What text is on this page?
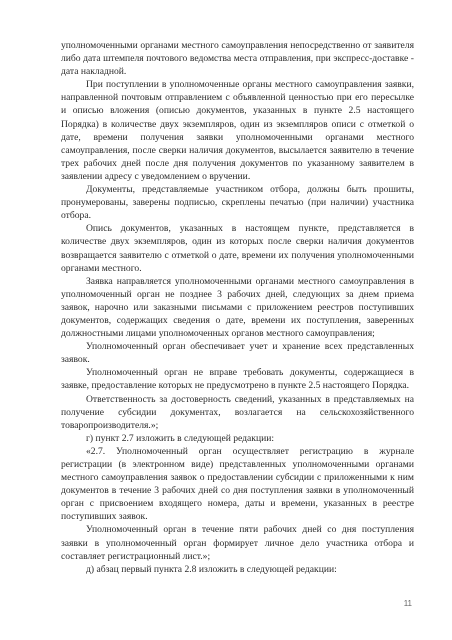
уполномоченными органами местного самоуправления непосредственно от заявителя либо дата штемпеля почтового ведомства места отправления, при экспресс-доставке - дата накладной.

При поступлении в уполномоченные органы местного самоуправления заявки, направленной почтовым отправлением с объявленной ценностью при его пересылке и описью вложения (описью документов, указанных в пункте 2.5 настоящего Порядка) в количестве двух экземпляров, один из экземпляров описи с отметкой о дате, времени получения заявки уполномоченными органами местного самоуправления, после сверки наличия документов, высылается заявителю в течение трех рабочих дней после дня получения документов по указанному заявителем в заявлении адресу с уведомлением о вручении.

Документы, представляемые участником отбора, должны быть прошиты, пронумерованы, заверены подписью, скреплены печатью (при наличии) участника отбора.

Опись документов, указанных в настоящем пункте, представляется в количестве двух экземпляров, один из которых после сверки наличия документов возвращается заявителю с отметкой о дате, времени их получения уполномоченными органами местного.

Заявка направляется уполномоченными органами местного самоуправления в уполномоченный орган не позднее 3 рабочих дней, следующих за днем приема заявок, нарочно или заказными письмами с приложением реестров поступивших документов, содержащих сведения о дате, времени их поступления, заверенных должностными лицами уполномоченных органов местного самоуправления;

Уполномоченный орган обеспечивает учет и хранение всех представленных заявок.

Уполномоченный орган не вправе требовать документы, содержащиеся в заявке, предоставление которых не предусмотрено в пункте 2.5 настоящего Порядка.

Ответственность за достоверность сведений, указанных в представляемых на получение субсидии документах, возлагается на сельскохозяйственного товаропроизводителя.»;

г) пункт 2.7 изложить в следующей редакции:

«2.7. Уполномоченный орган осуществляет регистрацию в журнале регистрации (в электронном виде) представленных уполномоченными органами местного самоуправления заявок о предоставлении субсидии с приложенными к ним документов в течение 3 рабочих дней со дня поступления заявки в уполномоченный орган с присвоением входящего номера, даты и времени, указанных в реестре поступивших заявок.

Уполномоченный орган в течение пяти рабочих дней со дня поступления заявки в уполномоченный орган формирует личное дело участника отбора и составляет регистрационный лист.»;

д) абзац первый пункта 2.8 изложить в следующей редакции:

11
